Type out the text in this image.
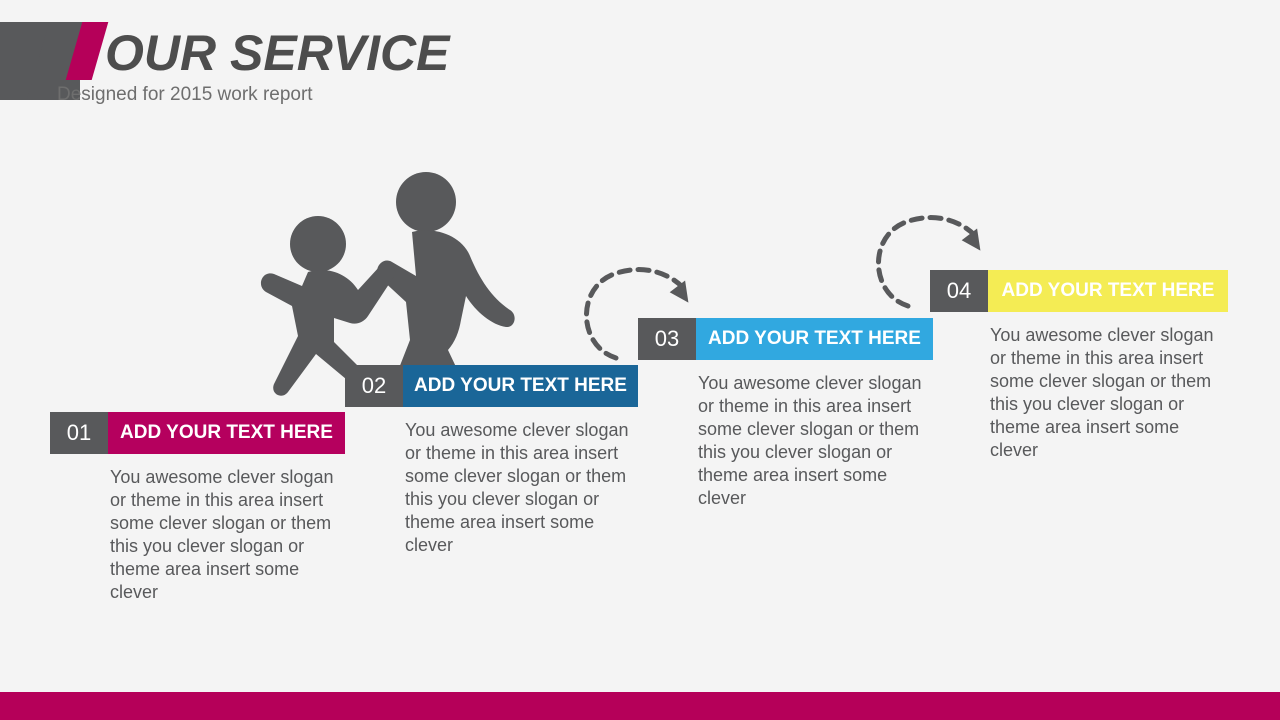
OUR SERVICE
Designed for 2015 work report
01	ADD YOUR TEXT HERE
You awesome clever slogan or theme in this area insert some clever slogan or them this you clever slogan or theme area insert some clever
02	ADD YOUR TEXT HERE
You awesome clever slogan or theme in this area insert some clever slogan or them this you clever slogan or theme area insert some clever
03	ADD YOUR TEXT HERE
You awesome clever slogan or theme in this area insert some clever slogan or them this you clever slogan or theme area insert some clever
04	ADD YOUR TEXT HERE
You awesome clever slogan or theme in this area insert some clever slogan or them this you clever slogan or theme area insert some clever
